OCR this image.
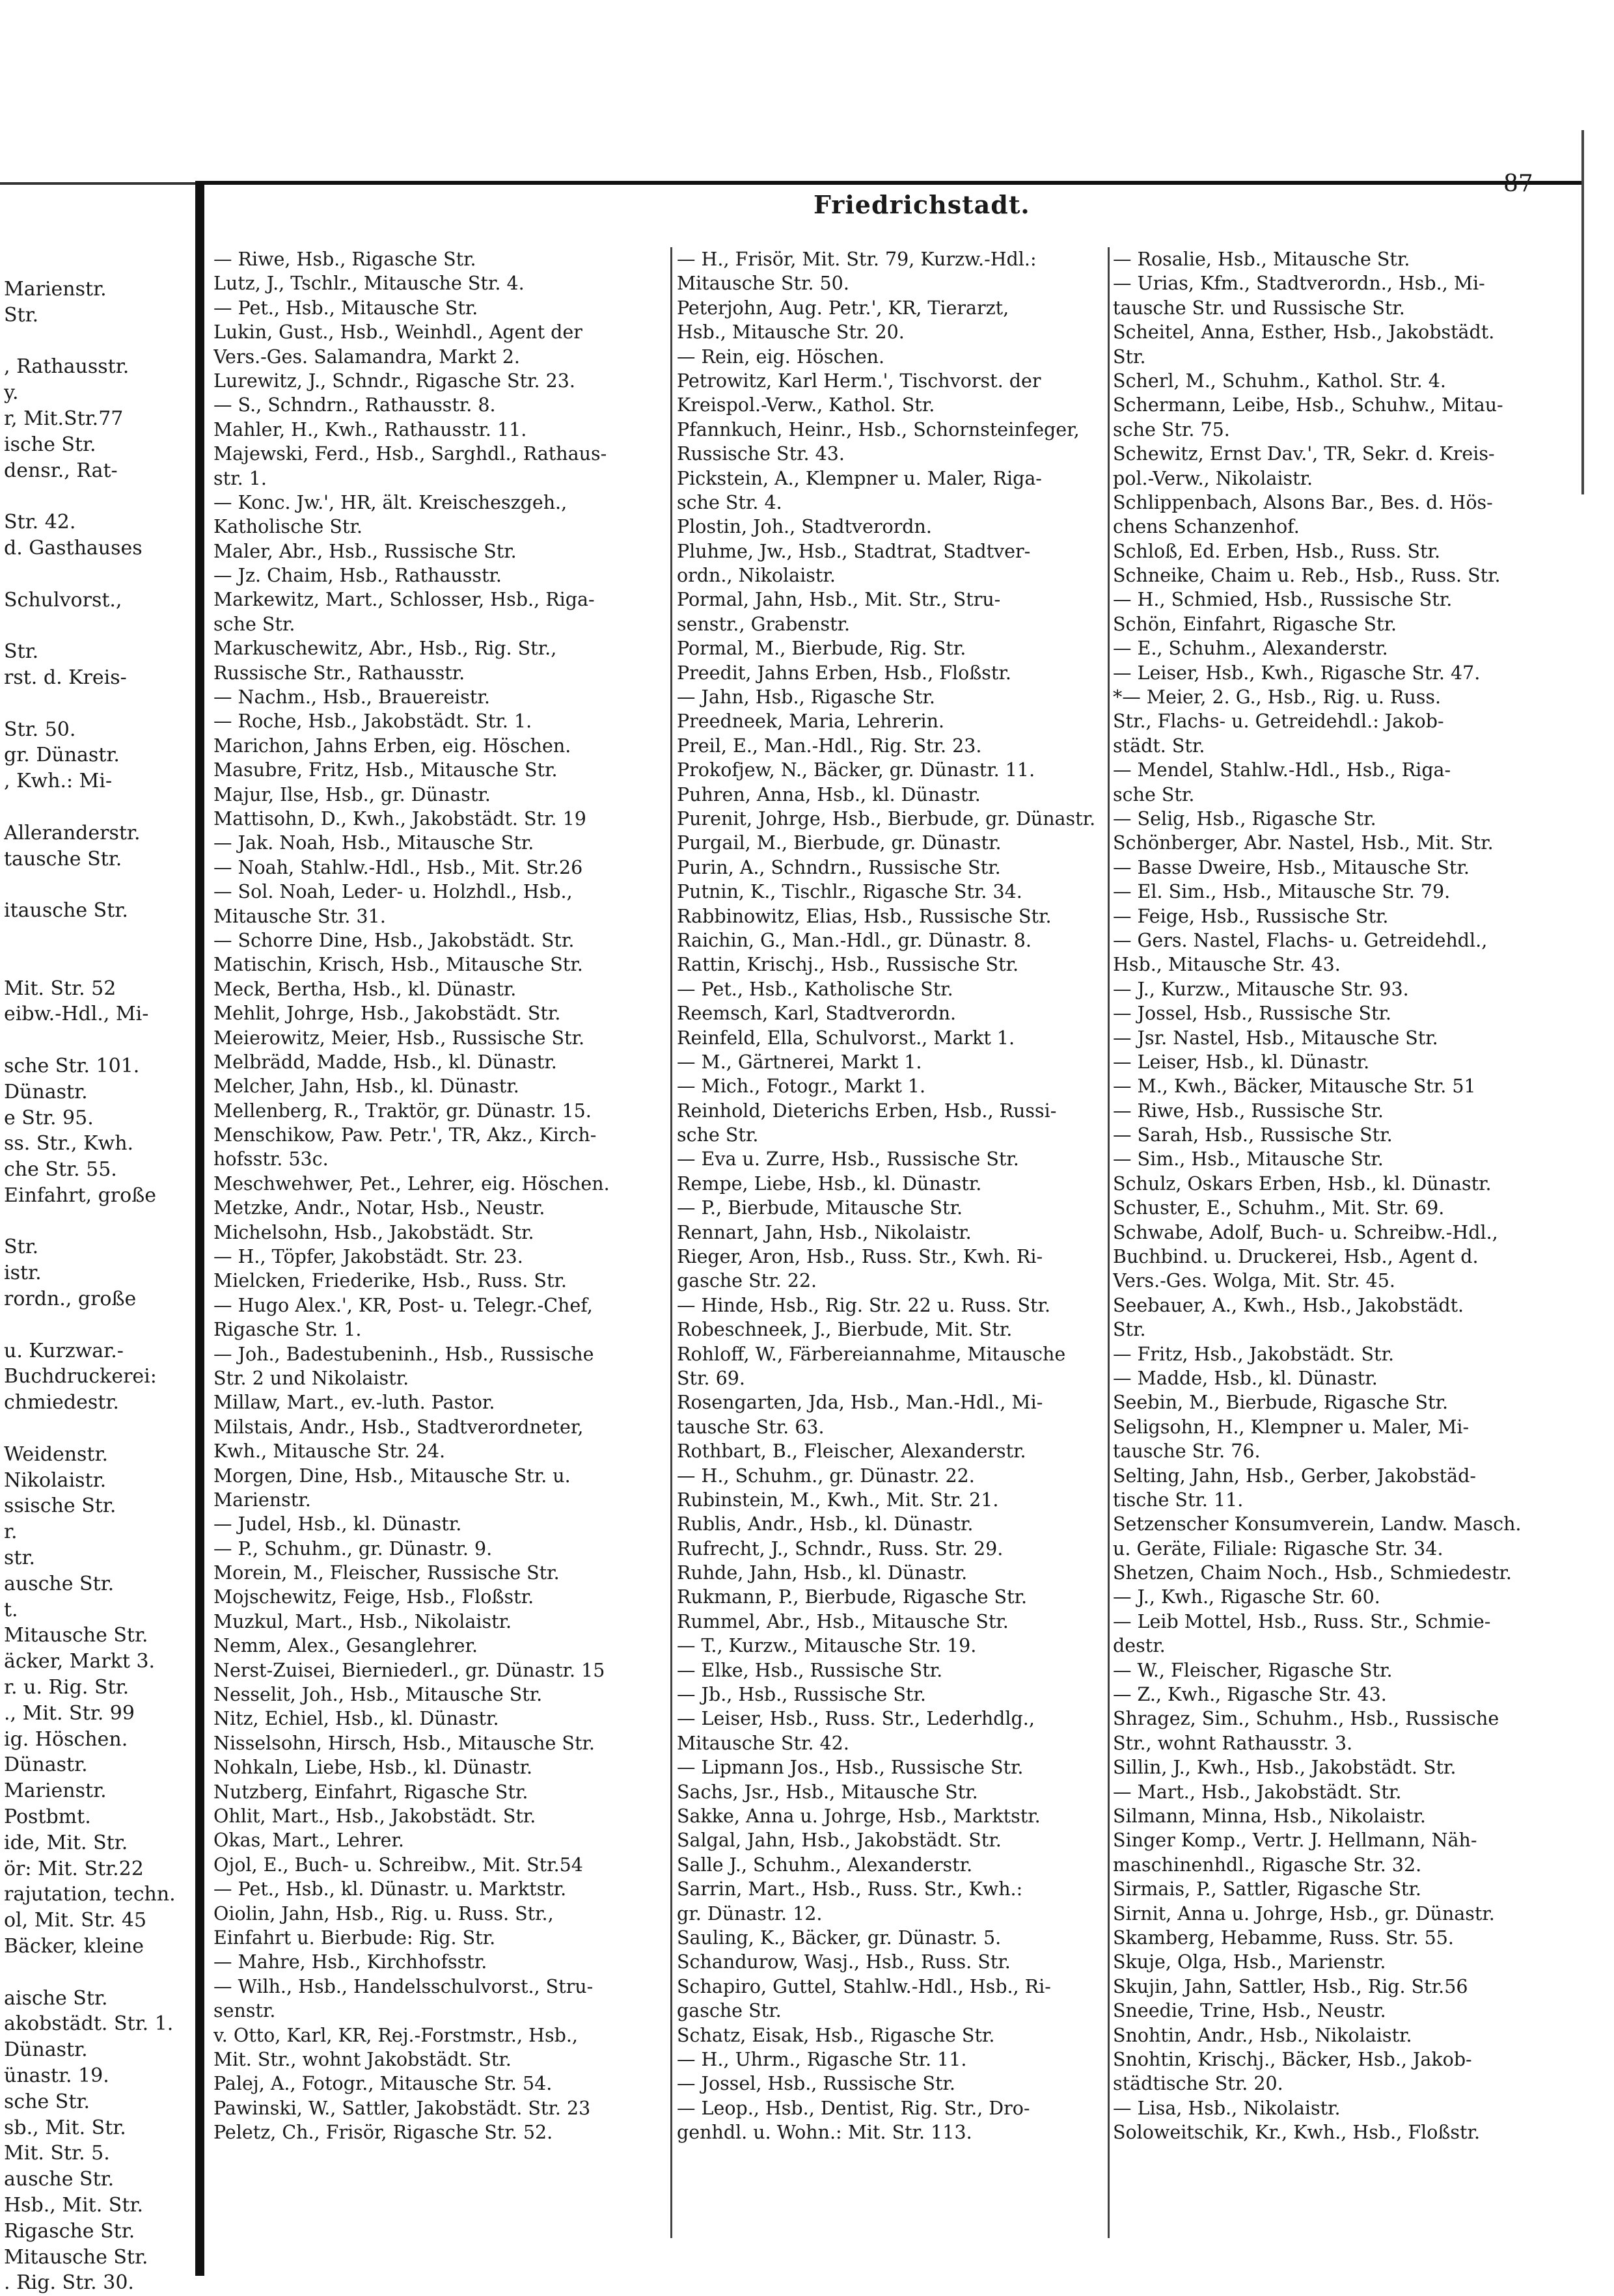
Friedrichstadt.
87
Marienstr.
Str.
, Rathausstr.
y.
r, Mit.Str.77
ische Str.
densr., Rat-
Str. 42.
d. Gasthauses
Schulvorst.,
Str.
rst. d. Kreis-
Str. 50.
gr. Dünastr.
, Kwh.: Mi-
Alleranderstr.
tausche Str.
itausche Str.
Mit. Str. 52
eibw.-Hdl., Mi-
sche Str. 101.
Dünastr.
e Str. 95.
ss. Str., Kwh.
che Str. 55.
Einfahrt, große
Str.
istr.
rordn., große
u. Kurzwar.-
Buchdruckerei:
chmiedestr.
Weidenstr.
Nikolaistr.
ssische Str.
r.
str.
ausche Str.
t.
Mitausche Str.
äcker, Markt 3.
r. u. Rig. Str.
., Mit. Str. 99
ig. Höschen.
Dünastr.
Marienstr.
Postbmt.
ide, Mit. Str.
ör: Mit. Str.22
rajutation, techn.
ol, Mit. Str. 45
Bäcker, kleine
aische Str.
akobstädt. Str. 1.
Dünastr.
ünastr. 19.
sche Str.
sb., Mit. Str.
Mit. Str. 5.
ausche Str.
Hsb., Mit. Str.
Rigasche Str.
Mitausche Str.
. Rig. Str. 30.
— Riwe, Hsb., Rigasche Str.
Lutz, J., Tschlr., Mitausche Str. 4.
— Pet., Hsb., Mitausche Str.
Lukin, Gust., Hsb., Weinhdl., Agent der
Vers.-Ges. Salamandra, Markt 2.
Lurewitz, J., Schndr., Rigasche Str. 23.
— S., Schndrn., Rathausstr. 8.
Mahler, H., Kwh., Rathausstr. 11.
Majewski, Ferd., Hsb., Sarghdl., Rathaus-
str. 1.
— Konc. Jw.', HR, ält. Kreischeszgeh.,
Katholische Str.
Maler, Abr., Hsb., Russische Str.
— Jz. Chaim, Hsb., Rathausstr.
Markewitz, Mart., Schlosser, Hsb., Riga-
sche Str.
Markuschewitz, Abr., Hsb., Rig. Str.,
Russische Str., Rathausstr.
— Nachm., Hsb., Brauereistr.
— Roche, Hsb., Jakobstädt. Str. 1.
Marichon, Jahns Erben, eig. Höschen.
Masubre, Fritz, Hsb., Mitausche Str.
Majur, Ilse, Hsb., gr. Dünastr.
Mattisohn, D., Kwh., Jakobstädt. Str. 19
— Jak. Noah, Hsb., Mitausche Str.
— Noah, Stahlw.-Hdl., Hsb., Mit. Str.26
— Sol. Noah, Leder- u. Holzhdl., Hsb.,
Mitausche Str. 31.
— Schorre Dine, Hsb., Jakobstädt. Str.
Matischin, Krisch, Hsb., Mitausche Str.
Meck, Bertha, Hsb., kl. Dünastr.
Mehlit, Johrge, Hsb., Jakobstädt. Str.
Meierowitz, Meier, Hsb., Russische Str.
Melbrädd, Madde, Hsb., kl. Dünastr.
Melcher, Jahn, Hsb., kl. Dünastr.
Mellenberg, R., Traktör, gr. Dünastr. 15.
Menschikow, Paw. Petr.', TR, Akz., Kirch-
hofsstr. 53c.
Meschwehwer, Pet., Lehrer, eig. Höschen.
Metzke, Andr., Notar, Hsb., Neustr.
Michelsohn, Hsb., Jakobstädt. Str.
— H., Töpfer, Jakobstädt. Str. 23.
Mielcken, Friederike, Hsb., Russ. Str.
— Hugo Alex.', KR, Post- u. Telegr.-Chef,
Rigasche Str. 1.
— Joh., Badestubeninh., Hsb., Russische
Str. 2 und Nikolaistr.
Millaw, Mart., ev.-luth. Pastor.
Milstais, Andr., Hsb., Stadtverordneter,
Kwh., Mitausche Str. 24.
Morgen, Dine, Hsb., Mitausche Str. u.
Marienstr.
— Judel, Hsb., kl. Dünastr.
— P., Schuhm., gr. Dünastr. 9.
Morein, M., Fleischer, Russische Str.
Mojschewitz, Feige, Hsb., Floßstr.
Muzkul, Mart., Hsb., Nikolaistr.
Nemm, Alex., Gesanglehrer.
Nerst-Zuisei, Bierniederl., gr. Dünastr. 15
Nesselit, Joh., Hsb., Mitausche Str.
Nitz, Echiel, Hsb., kl. Dünastr.
Nisselsohn, Hirsch, Hsb., Mitausche Str.
Nohkaln, Liebe, Hsb., kl. Dünastr.
Nutzberg, Einfahrt, Rigasche Str.
Ohlit, Mart., Hsb., Jakobstädt. Str.
Okas, Mart., Lehrer.
Ojol, E., Buch- u. Schreibw., Mit. Str.54
— Pet., Hsb., kl. Dünastr. u. Marktstr.
Oiolin, Jahn, Hsb., Rig. u. Russ. Str.,
Einfahrt u. Bierbude: Rig. Str.
— Mahre, Hsb., Kirchhofsstr.
— Wilh., Hsb., Handelsschulvorst., Stru-
senstr.
v. Otto, Karl, KR, Rej.-Forstmstr., Hsb.,
Mit. Str., wohnt Jakobstädt. Str.
Palej, A., Fotogr., Mitausche Str. 54.
Pawinski, W., Sattler, Jakobstädt. Str. 23
Peletz, Ch., Frisör, Rigasche Str. 52.
— H., Frisör, Mit. Str. 79, Kurzw.-Hdl.:
Mitausche Str. 50.
Peterjohn, Aug. Petr.', KR, Tierarzt,
Hsb., Mitausche Str. 20.
— Rein, eig. Höschen.
Petrowitz, Karl Herm.', Tischvorst. der
Kreispol.-Verw., Kathol. Str.
Pfannkuch, Heinr., Hsb., Schornsteinfeger,
Russische Str. 43.
Pickstein, A., Klempner u. Maler, Riga-
sche Str. 4.
Plostin, Joh., Stadtverordn.
Pluhme, Jw., Hsb., Stadtrat, Stadtver-
ordn., Nikolaistr.
Pormal, Jahn, Hsb., Mit. Str., Stru-
senstr., Grabenstr.
Pormal, M., Bierbude, Rig. Str.
Preedit, Jahns Erben, Hsb., Floßstr.
— Jahn, Hsb., Rigasche Str.
Preedneek, Maria, Lehrerin.
Preil, E., Man.-Hdl., Rig. Str. 23.
Prokofjew, N., Bäcker, gr. Dünastr. 11.
Puhren, Anna, Hsb., kl. Dünastr.
Purenit, Johrge, Hsb., Bierbude, gr. Dünastr.
Purgail, M., Bierbude, gr. Dünastr.
Purin, A., Schndrn., Russische Str.
Putnin, K., Tischlr., Rigasche Str. 34.
Rabbinowitz, Elias, Hsb., Russische Str.
Raichin, G., Man.-Hdl., gr. Dünastr. 8.
Rattin, Krischj., Hsb., Russische Str.
— Pet., Hsb., Katholische Str.
Reemsch, Karl, Stadtverordn.
Reinfeld, Ella, Schulvorst., Markt 1.
— M., Gärtnerei, Markt 1.
— Mich., Fotogr., Markt 1.
Reinhold, Dieterichs Erben, Hsb., Russi-
sche Str.
— Eva u. Zurre, Hsb., Russische Str.
Rempe, Liebe, Hsb., kl. Dünastr.
— P., Bierbude, Mitausche Str.
Rennart, Jahn, Hsb., Nikolaistr.
Rieger, Aron, Hsb., Russ. Str., Kwh. Ri-
gasche Str. 22.
— Hinde, Hsb., Rig. Str. 22 u. Russ. Str.
Robeschneek, J., Bierbude, Mit. Str.
Rohloff, W., Färbereiannahme, Mitausche
Str. 69.
Rosengarten, Jda, Hsb., Man.-Hdl., Mi-
tausche Str. 63.
Rothbart, B., Fleischer, Alexanderstr.
— H., Schuhm., gr. Dünastr. 22.
Rubinstein, M., Kwh., Mit. Str. 21.
Rublis, Andr., Hsb., kl. Dünastr.
Rufrecht, J., Schndr., Russ. Str. 29.
Ruhde, Jahn, Hsb., kl. Dünastr.
Rukmann, P., Bierbude, Rigasche Str.
Rummel, Abr., Hsb., Mitausche Str.
— T., Kurzw., Mitausche Str. 19.
— Elke, Hsb., Russische Str.
— Jb., Hsb., Russische Str.
— Leiser, Hsb., Russ. Str., Lederhdlg.,
Mitausche Str. 42.
— Lipmann Jos., Hsb., Russische Str.
Sachs, Jsr., Hsb., Mitausche Str.
Sakke, Anna u. Johrge, Hsb., Marktstr.
Salgal, Jahn, Hsb., Jakobstädt. Str.
Salle J., Schuhm., Alexanderstr.
Sarrin, Mart., Hsb., Russ. Str., Kwh.:
gr. Dünastr. 12.
Sauling, K., Bäcker, gr. Dünastr. 5.
Schandurow, Wasj., Hsb., Russ. Str.
Schapiro, Guttel, Stahlw.-Hdl., Hsb., Ri-
gasche Str.
Schatz, Eisak, Hsb., Rigasche Str.
— H., Uhrm., Rigasche Str. 11.
— Jossel, Hsb., Russische Str.
— Leop., Hsb., Dentist, Rig. Str., Dro-
genhdl. u. Wohn.: Mit. Str. 113.
— Rosalie, Hsb., Mitausche Str.
— Urias, Kfm., Stadtverordn., Hsb., Mi-
tausche Str. und Russische Str.
Scheitel, Anna, Esther, Hsb., Jakobstädt.
Str.
Scherl, M., Schuhm., Kathol. Str. 4.
Schermann, Leibe, Hsb., Schuhw., Mitau-
sche Str. 75.
Schewitz, Ernst Dav.', TR, Sekr. d. Kreis-
pol.-Verw., Nikolaistr.
Schlippenbach, Alsons Bar., Bes. d. Hös-
chens Schanzenhof.
Schloß, Ed. Erben, Hsb., Russ. Str.
Schneike, Chaim u. Reb., Hsb., Russ. Str.
— H., Schmied, Hsb., Russische Str.
Schön, Einfahrt, Rigasche Str.
— E., Schuhm., Alexanderstr.
— Leiser, Hsb., Kwh., Rigasche Str. 47.
*— Meier, 2. G., Hsb., Rig. u. Russ.
Str., Flachs- u. Getreidehdl.: Jakob-
städt. Str.
— Mendel, Stahlw.-Hdl., Hsb., Riga-
sche Str.
— Selig, Hsb., Rigasche Str.
Schönberger, Abr. Nastel, Hsb., Mit. Str.
— Basse Dweire, Hsb., Mitausche Str.
— El. Sim., Hsb., Mitausche Str. 79.
— Feige, Hsb., Russische Str.
— Gers. Nastel, Flachs- u. Getreidehdl.,
Hsb., Mitausche Str. 43.
— J., Kurzw., Mitausche Str. 93.
— Jossel, Hsb., Russische Str.
— Jsr. Nastel, Hsb., Mitausche Str.
— Leiser, Hsb., kl. Dünastr.
— M., Kwh., Bäcker, Mitausche Str. 51
— Riwe, Hsb., Russische Str.
— Sarah, Hsb., Russische Str.
— Sim., Hsb., Mitausche Str.
Schulz, Oskars Erben, Hsb., kl. Dünastr.
Schuster, E., Schuhm., Mit. Str. 69.
Schwabe, Adolf, Buch- u. Schreibw.-Hdl.,
Buchbind. u. Druckerei, Hsb., Agent d.
Vers.-Ges. Wolga, Mit. Str. 45.
Seebauer, A., Kwh., Hsb., Jakobstädt.
Str.
— Fritz, Hsb., Jakobstädt. Str.
— Madde, Hsb., kl. Dünastr.
Seebin, M., Bierbude, Rigasche Str.
Seligsohn, H., Klempner u. Maler, Mi-
tausche Str. 76.
Selting, Jahn, Hsb., Gerber, Jakobstäd-
tische Str. 11.
Setzenscher Konsumverein, Landw. Masch.
u. Geräte, Filiale: Rigasche Str. 34.
Shetzen, Chaim Noch., Hsb., Schmiedestr.
— J., Kwh., Rigasche Str. 60.
— Leib Mottel, Hsb., Russ. Str., Schmie-
destr.
— W., Fleischer, Rigasche Str.
— Z., Kwh., Rigasche Str. 43.
Shragez, Sim., Schuhm., Hsb., Russische
Str., wohnt Rathausstr. 3.
Sillin, J., Kwh., Hsb., Jakobstädt. Str.
— Mart., Hsb., Jakobstädt. Str.
Silmann, Minna, Hsb., Nikolaistr.
Singer Komp., Vertr. J. Hellmann, Näh-
maschinenhdl., Rigasche Str. 32.
Sirmais, P., Sattler, Rigasche Str.
Sirnit, Anna u. Johrge, Hsb., gr. Dünastr.
Skamberg, Hebamme, Russ. Str. 55.
Skuje, Olga, Hsb., Marienstr.
Skujin, Jahn, Sattler, Hsb., Rig. Str.56
Sneedie, Trine, Hsb., Neustr.
Snohtin, Andr., Hsb., Nikolaistr.
Snohtin, Krischj., Bäcker, Hsb., Jakob-
städtische Str. 20.
— Lisa, Hsb., Nikolaistr.
Soloweitschik, Kr., Kwh., Hsb., Floßstr.
